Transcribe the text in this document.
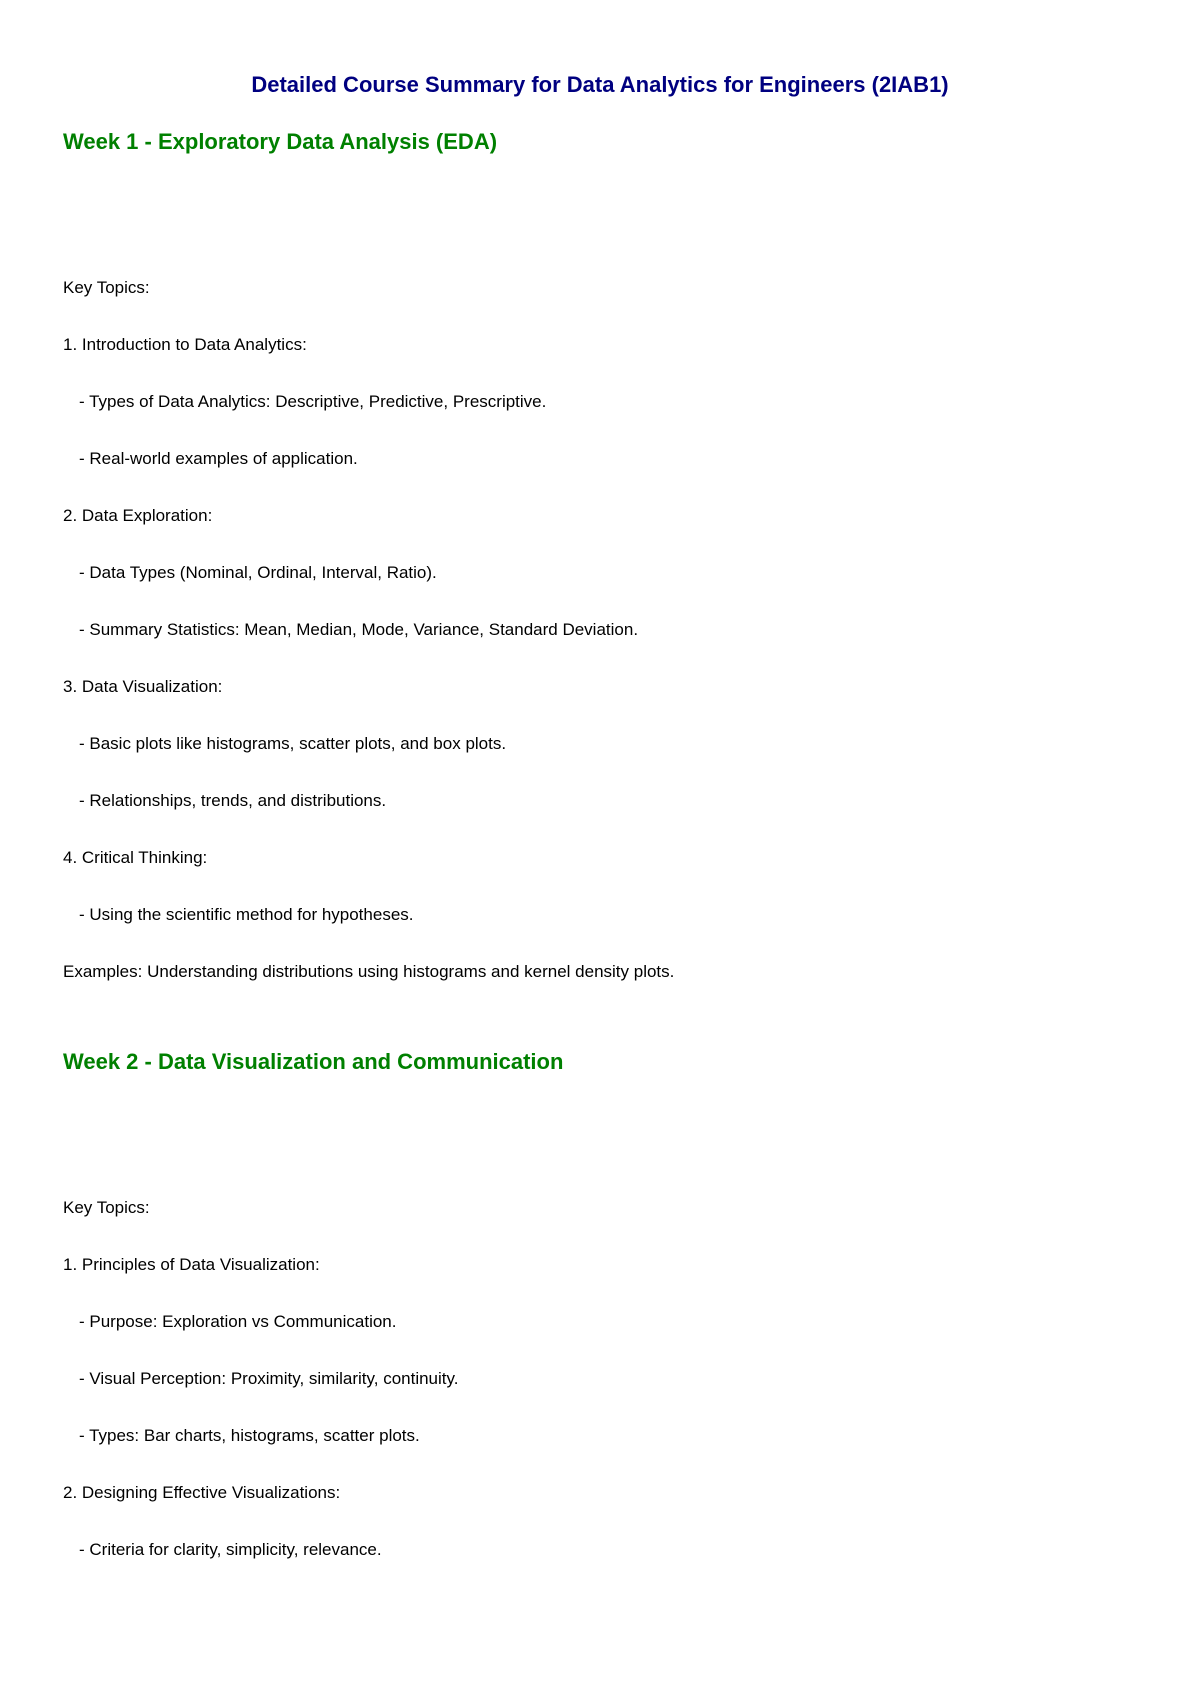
Detailed Course Summary for Data Analytics for Engineers (2IAB1)
Week 1 - Exploratory Data Analysis (EDA)
Key Topics:
1. Introduction to Data Analytics:
- Types of Data Analytics: Descriptive, Predictive, Prescriptive.
- Real-world examples of application.
2. Data Exploration:
- Data Types (Nominal, Ordinal, Interval, Ratio).
- Summary Statistics: Mean, Median, Mode, Variance, Standard Deviation.
3. Data Visualization:
- Basic plots like histograms, scatter plots, and box plots.
- Relationships, trends, and distributions.
4. Critical Thinking:
- Using the scientific method for hypotheses.
Examples: Understanding distributions using histograms and kernel density plots.
Week 2 - Data Visualization and Communication
Key Topics:
1. Principles of Data Visualization:
- Purpose: Exploration vs Communication.
- Visual Perception: Proximity, similarity, continuity.
- Types: Bar charts, histograms, scatter plots.
2. Designing Effective Visualizations:
- Criteria for clarity, simplicity, relevance.
